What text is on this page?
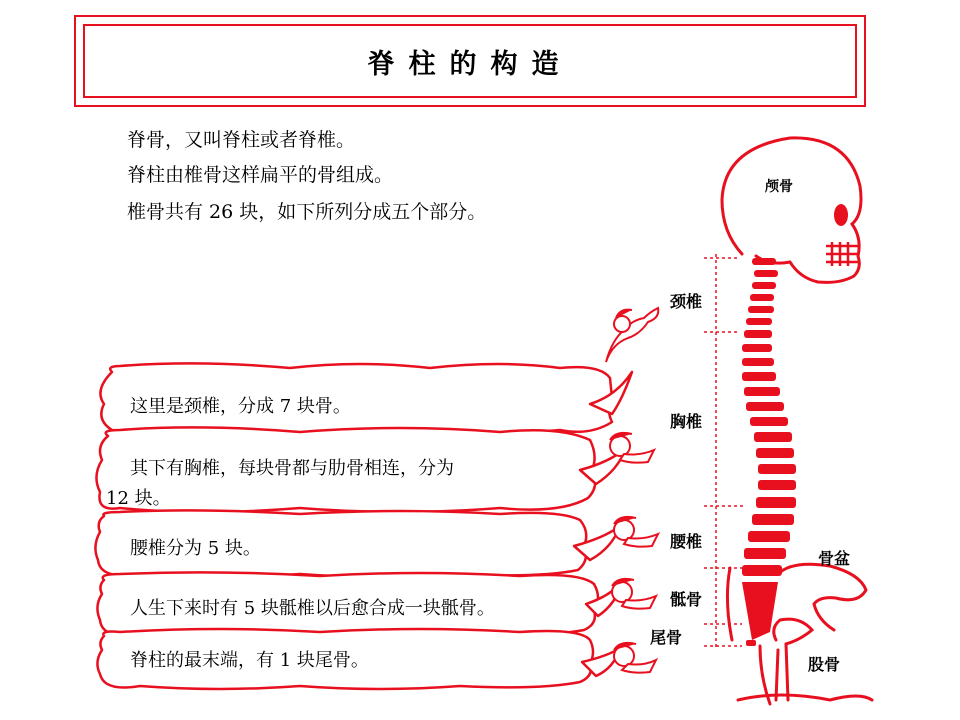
脊柱的构造
脊骨，又叫脊柱或者脊椎。
脊柱由椎骨这样扁平的骨组成。
椎骨共有 26 块，如下所列分成五个部分。
这里是颈椎，分成 7 块骨。
其下有胸椎，每块骨都与肋骨相连，分为
12 块。
腰椎分为 5 块。
人生下来时有 5 块骶椎以后愈合成一块骶骨。
脊柱的最末端，有 1 块尾骨。
颅骨
颈椎
胸椎
腰椎
骶骨
尾骨
骨盆
股骨
